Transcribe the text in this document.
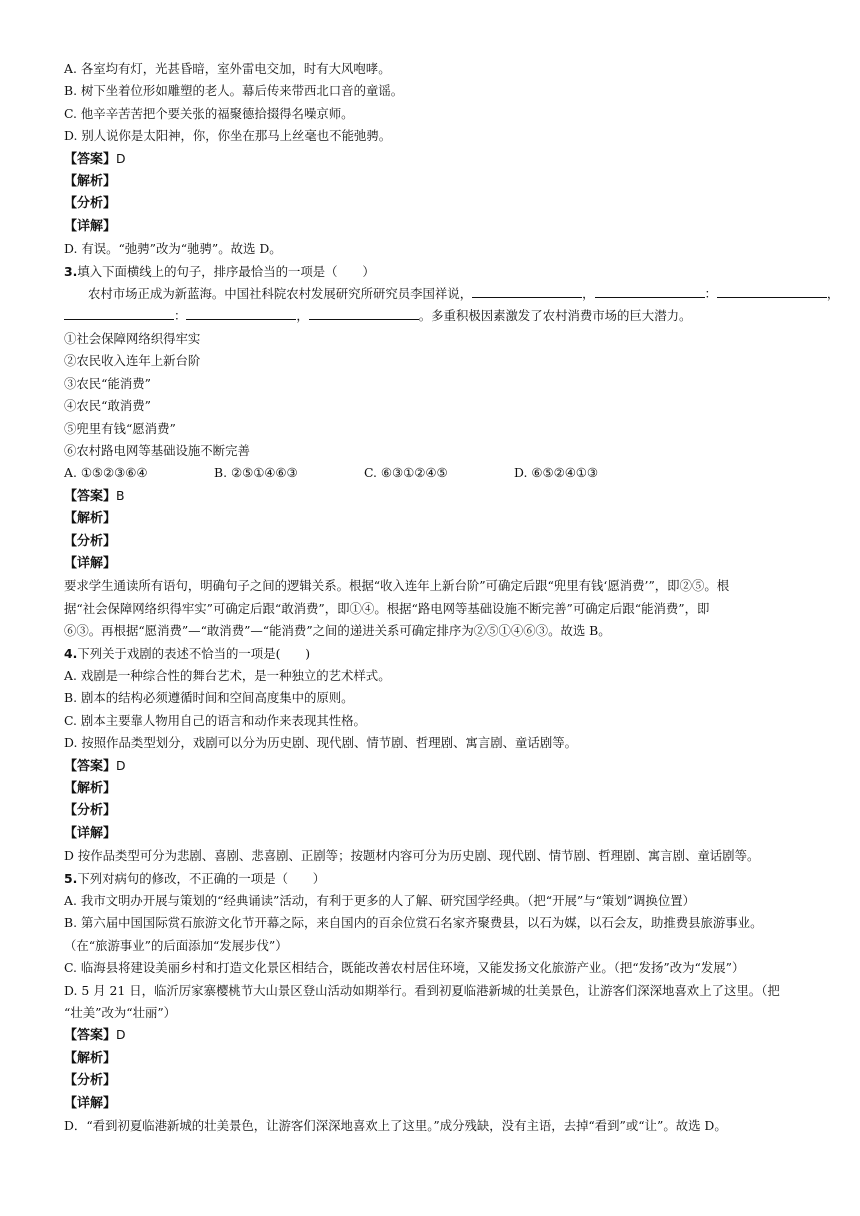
A. 各室均有灯，光甚昏暗，室外雷电交加，时有大风咆哮。
B. 树下坐着位形如雕塑的老人。幕后传来带西北口音的童谣。
C. 他辛辛苦苦把个要关张的福聚德拾掇得名噪京师。
D. 别人说你是太阳神，你，你坐在那马上丝毫也不能弛骋。
【答案】D
【解析】
【分析】
【详解】
D. 有误。“弛骋”改为“驰骋”。故选 D。
3.填入下面横线上的句子，排序最恰当的一项是（　　）
农村市场正成为新蓝海。中国社科院农村发展研究所研究员李国祥说，	，	：	，
：	，	。多重积极因素激发了农村消费市场的巨大潜力。
①社会保障网络织得牢实
②农民收入连年上新台阶
③农民“能消费”
④农民“敢消费”
⑤兜里有钱“愿消费”
⑥农村路电网等基础设施不断完善
A. ①⑤②③⑥④	B. ②⑤①④⑥③	C. ⑥③①②④⑤	D. ⑥⑤②④①③
【答案】B
【解析】
【分析】
【详解】
要求学生通读所有语句，明确句子之间的逻辑关系。根据“收入连年上新台阶”可确定后跟“兜里有钱‘愿消费’”，即②⑤。根
据“社会保障网络织得牢实”可确定后跟“敢消费”，即①④。根据“路电网等基础设施不断完善”可确定后跟“能消费”，即
⑥③。再根据“愿消费”—“敢消费”—“能消费”之间的递进关系可确定排序为②⑤①④⑥③。故选 B。
4.下列关于戏剧的表述不恰当的一项是(　　)
A. 戏剧是一种综合性的舞台艺术，是一种独立的艺术样式。
B. 剧本的结构必须遵循时间和空间高度集中的原则。
C. 剧本主要靠人物用自己的语言和动作来表现其性格。
D. 按照作品类型划分，戏剧可以分为历史剧、现代剧、情节剧、哲理剧、寓言剧、童话剧等。
【答案】D
【解析】
【分析】
【详解】
D 按作品类型可分为悲剧、喜剧、悲喜剧、正剧等；按题材内容可分为历史剧、现代剧、情节剧、哲理剧、寓言剧、童话剧等。
5.下列对病句的修改，不正确的一项是（　　）
A. 我市文明办开展与策划的“经典诵读”活动，有利于更多的人了解、研究国学经典。（把“开展”与“策划”调换位置）
B. 第六届中国国际赏石旅游文化节开幕之际，来自国内的百余位赏石名家齐聚费县，以石为媒，以石会友，助推费县旅游事业。
（在“旅游事业”的后面添加“发展步伐”）
C. 临海县将建设美丽乡村和打造文化景区相结合，既能改善农村居住环境，又能发扬文化旅游产业。（把“发扬”改为“发展”）
D. 5 月 21 日，临沂厉家寨樱桃节大山景区登山活动如期举行。看到初夏临港新城的壮美景色，让游客们深深地喜欢上了这里。（把
“壮美”改为“壮丽”）
【答案】D
【解析】
【分析】
【详解】
D．“看到初夏临港新城的壮美景色，让游客们深深地喜欢上了这里。”成分残缺，没有主语，去掉“看到”或“让”。故选 D。
